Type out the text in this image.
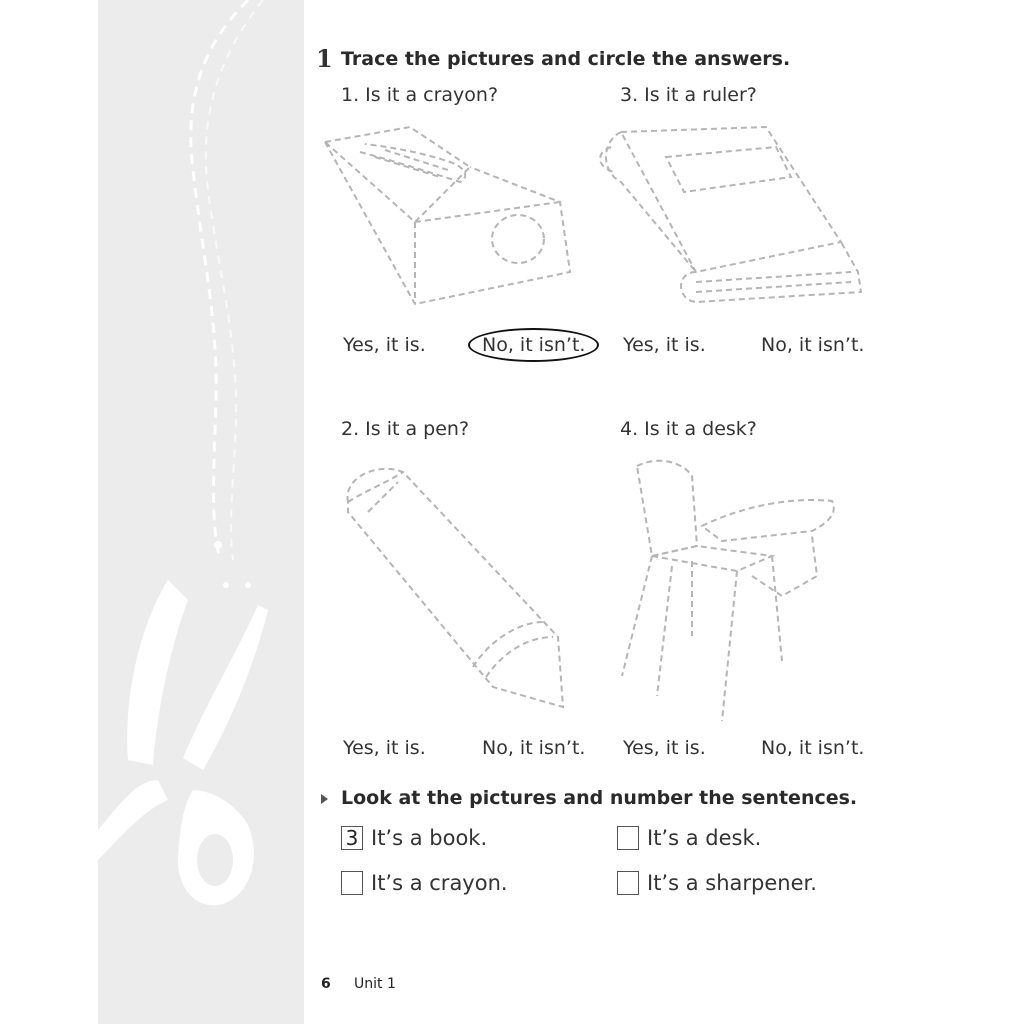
1 Trace the pictures and circle the answers.
1. Is it a crayon?
Yes, it is.	No, it isn’t.
3. Is it a ruler?
Yes, it is.	No, it isn’t.
2. Is it a pen?
Yes, it is.	No, it isn’t.
4. Is it a desk?
Yes, it is.	No, it isn’t.
Look at the pictures and number the sentences.
3 It’s a book.	It’s a desk.
It’s a crayon.	It’s a sharpener.
6 Unit 1
